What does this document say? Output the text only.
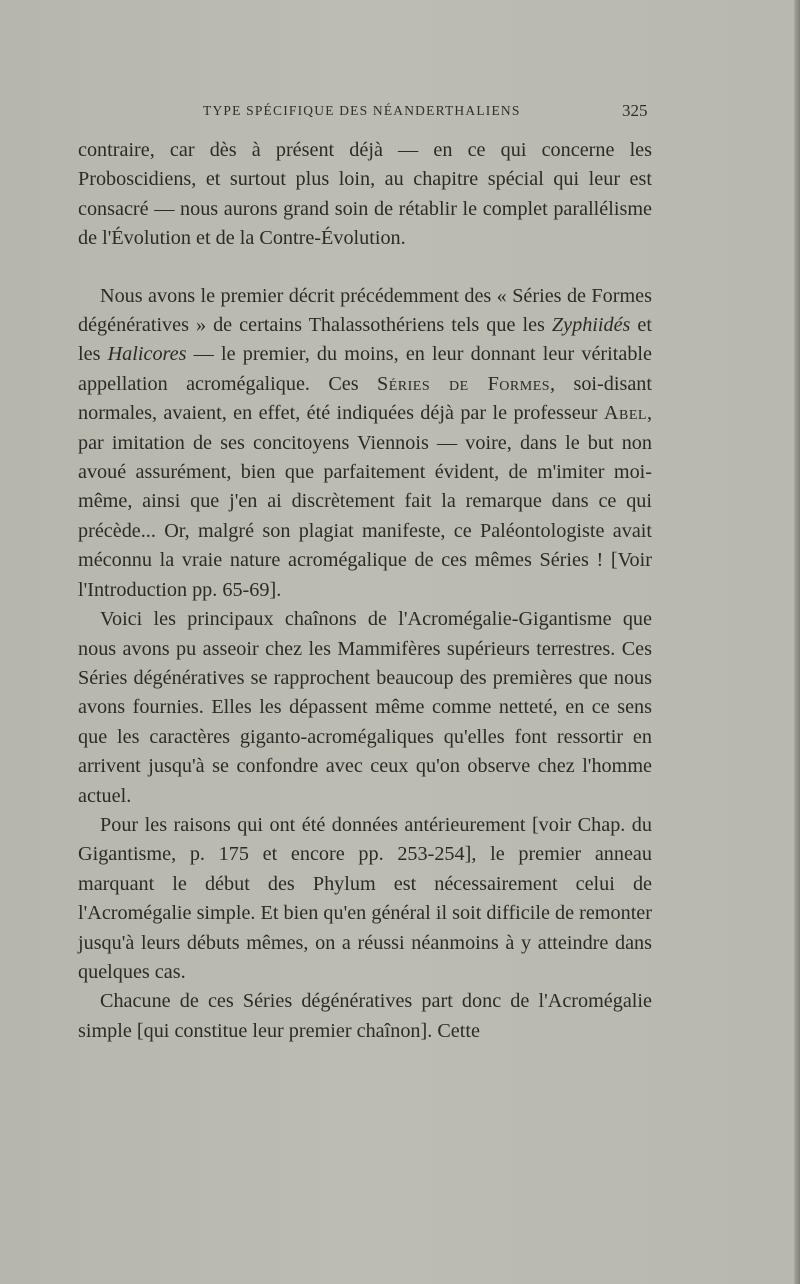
TYPE SPÉCIFIQUE DES NÉANDERTHALIENS	325

contraire, car dès à présent déjà — en ce qui concerne les Proboscidiens, et surtout plus loin, au chapitre spécial qui leur est consacré — nous aurons grand soin de rétablir le complet parallélisme de l'Évolution et de la Contre-Évolution.

Nous avons le premier décrit précédemment des « Séries de Formes dégénératives » de certains Thalassothériens tels que les Zyphiidés et les Halicores — le premier, du moins, en leur donnant leur véritable appellation acromégalique. Ces Séries de Formes, soi-disant normales, avaient, en effet, été indiquées déjà par le professeur Abel, par imitation de ses concitoyens Viennois — voire, dans le but non avoué assurément, bien que parfaitement évident, de m'imiter moi-même, ainsi que j'en ai discrètement fait la remarque dans ce qui précède... Or, malgré son plagiat manifeste, ce Paléontologiste avait méconnu la vraie nature acromégalique de ces mêmes Séries ! [Voir l'Introduction pp. 65-69].

Voici les principaux chaînons de l'Acromégalie-Gigantisme que nous avons pu asseoir chez les Mammifères supérieurs terrestres. Ces Séries dégénératives se rapprochent beaucoup des premières que nous avons fournies. Elles les dépassent même comme netteté, en ce sens que les caractères giganto-acromégaliques qu'elles font ressortir en arrivent jusqu'à se confondre avec ceux qu'on observe chez l'homme actuel.

Pour les raisons qui ont été données antérieurement [voir Chap. du Gigantisme, p. 175 et encore pp. 253-254], le premier anneau marquant le début des Phylum est nécessairement celui de l'Acromégalie simple. Et bien qu'en général il soit difficile de remonter jusqu'à leurs débuts mêmes, on a réussi néanmoins à y atteindre dans quelques cas.

Chacune de ces Séries dégénératives part donc de l'Acromégalie simple [qui constitue leur premier chaînon]. Cette
